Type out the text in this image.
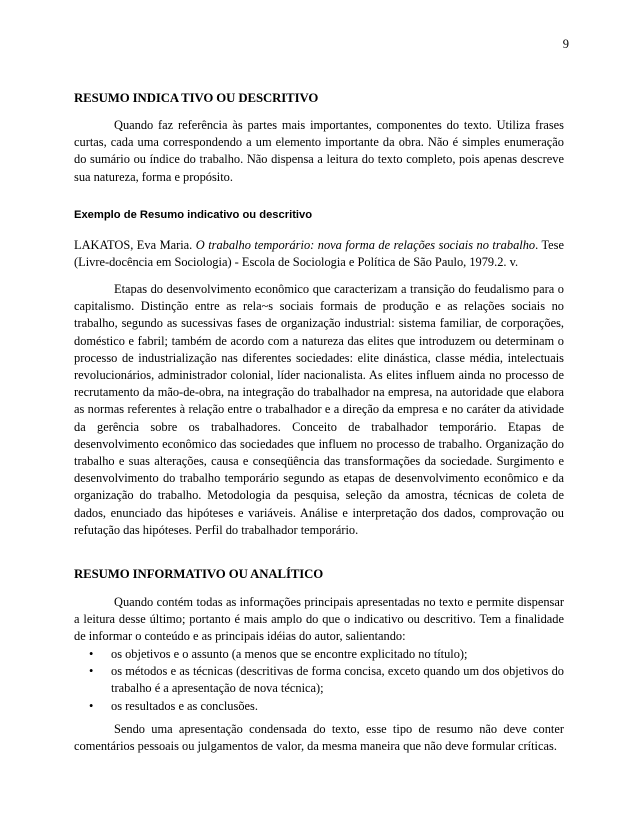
9
RESUMO INDICA TIVO OU DESCRITIVO

Quando faz referência às partes mais importantes, componentes do texto. Utiliza frases curtas, cada uma correspondendo a um elemento importante da obra. Não é simples enumeração do sumário ou índice do trabalho. Não dispensa a leitura do texto completo, pois apenas descreve sua natureza, forma e propósito.

Exemplo de Resumo indicativo ou descritivo

LAKATOS, Eva Maria. O trabalho temporário: nova forma de relações sociais no trabalho. Tese (Livre-docência em Sociologia) - Escola de Sociologia e Política de São Paulo, 1979.2. v.

Etapas do desenvolvimento econômico que caracterizam a transição do feudalismo para o capitalismo. Distinção entre as rela~s sociais formais de produção e as relações sociais no trabalho, segundo as sucessivas fases de organização industrial: sistema familiar, de corporações, doméstico e fabril; também de acordo com a natureza das elites que introduzem ou determinam o processo de industrialização nas diferentes sociedades: elite dinástica, classe média, intelectuais revolucionários, administrador colonial, líder nacionalista. As elites influem ainda no processo de recrutamento da mão-de-obra, na integração do trabalhador na empresa, na autoridade que elabora as normas referentes à relação entre o trabalhador e a direção da empresa e no caráter da atividade da gerência sobre os trabalhadores. Conceito de trabalhador temporário. Etapas de desenvolvimento econômico das sociedades que influem no processo de trabalho. Organização do trabalho e suas alterações, causa e conseqüência das transformações da sociedade. Surgimento e desenvolvimento do trabalho temporário segundo as etapas de desenvolvimento econômico e da organização do trabalho. Metodologia da pesquisa, seleção da amostra, técnicas de coleta de dados, enunciado das hipóteses e variáveis. Análise e interpretação dos dados, comprovação ou refutação das hipóteses. Perfil do trabalhador temporário.

RESUMO INFORMATIVO OU ANALÍTICO

Quando contém todas as informações principais apresentadas no texto e permite dispensar a leitura desse último; portanto é mais amplo do que o indicativo ou descritivo. Tem a finalidade de informar o conteúdo e as principais idéias do autor, salientando:

• os objetivos e o assunto (a menos que se encontre explicitado no título);
• os métodos e as técnicas (descritivas de forma concisa, exceto quando um dos objetivos do trabalho é a apresentação de nova técnica);
• os resultados e as conclusões.

Sendo uma apresentação condensada do texto, esse tipo de resumo não deve conter comentários pessoais ou julgamentos de valor, da mesma maneira que não deve formular críticas.
